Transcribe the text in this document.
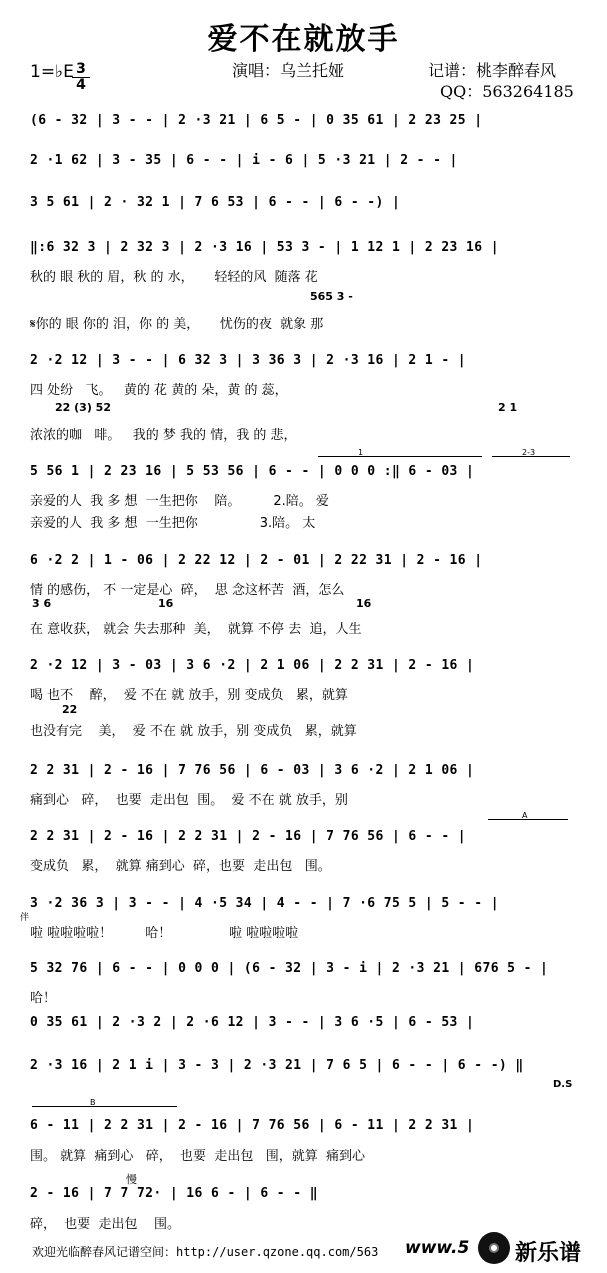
爱不在就放手
1=♭E 3
4
演唱：乌兰托娅	记谱：桃李醉春风
QQ：563264185
(6 - 32 | 3 - - | 2 ·3 21 | 6 5 - | 0 35 61 | 2 23 25 |
2 ·1 62 | 3 - 35 | 6 - - | i - 6 | 5 ·3 21 | 2 - - |
3 5 61 | 2 · 32 1 | 7 6 53 | 6 - - | 6 - -) |
‖:6 32 3 | 2 32 3 | 2 ·3 16 | 53 3 - | 1 12 1 | 2 23 16 |
秋的 眼 秋的 眉，秋 的 水，     轻轻的风  随落 花
565 3 -
𝄋你的 眼 你的 泪，你 的 美，     忧伤的夜  就象 那
2 ·2 12 | 3 - - | 6 32 3 | 3 36 3 | 2 ·3 16 | 2 1 - |
四 处纷   飞。   黄的 花 黄的 朵，黄 的 蕊，
22 (3) 52	2 1
浓浓的咖   啡。   我的 梦 我的 情，我 的 悲，
1	2-3
5 56 1 | 2 23 16 | 5 53 56 | 6 - - | 0 0 0 :‖ 6 - 03 |
亲爱的人  我 多 想  一生把你    陪。        2.陪。 爱
亲爱的人  我 多 想  一生把你               3.陪。 太
6 ·2 2 | 1 - 06 | 2 22 12 | 2 - 01 | 2 22 31 | 2 - 16 |
情 的感伤， 不 一定是心  碎，  思 念这杯苦  酒，怎么
3 6	16	16
在 意收获， 就会 失去那种  美，  就算 不停 去  追，人生
2 ·2 12 | 3 - 03 | 3 6 ·2 | 2 1 06 | 2 2 31 | 2 - 16 |
喝 也不    醉，  爱 不在 就 放手，别 变成负   累，就算
22
也没有完    美，  爱 不在 就 放手，别 变成负   累，就算
2 2 31 | 2 - 16 | 7 76 56 | 6 - 03 | 3 6 ·2 | 2 1 06 |
痛到心   碎，  也要  走出包  围。  爱 不在 就 放手，别
A
2 2 31 | 2 - 16 | 2 2 31 | 2 - 16 | 7 76 56 | 6 - - |
变成负   累，  就算 痛到心  碎，也要  走出包   围。
3 ·2 36 3 | 3 - - | 4 ·5 34 | 4 - - | 7 ·6 75 5 | 5 - - |
伴
啦 啦啦啦啦！        哈！              啦 啦啦啦啦
5 32 76 | 6 - - | 0 0 0 | (6 - 32 | 3 - i | 2 ·3 21 | 676 5 - |
哈！
0 35 61 | 2 ·3 2 | 2 ·6 12 | 3 - - | 3 6 ·5 | 6 - 53 |
2 ·3 16 | 2 1 i | 3 - 3 | 2 ·3 21 | 7 6 5 | 6 - - | 6 - -) ‖
D.S
B
6 - 11 | 2 2 31 | 2 - 16 | 7 76 56 | 6 - 11 | 2 2 31 |
围。 就算  痛到心   碎，  也要  走出包   围，就算  痛到心
慢
2 - 16 | 7 7 72· | 16 6 - | 6 - - ‖
碎，  也要  走出包    围。
欢迎光临醉春风记谱空间：http://user.qzone.qq.com/563 www.5 新乐谱
